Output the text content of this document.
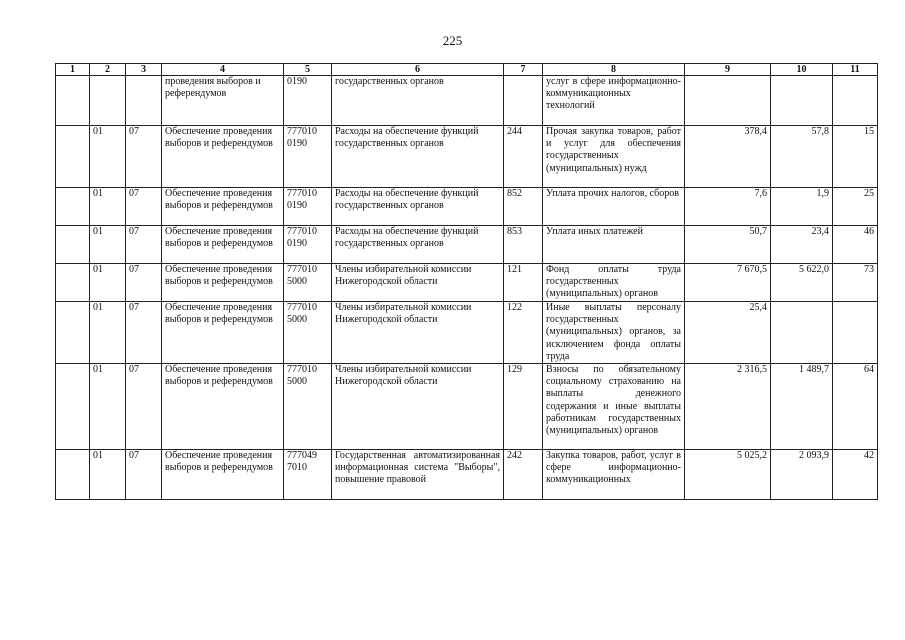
225
1	2	3	4	5	6	7	8	9	10	11
			проведения выборов и референдумов	0190	государственных органов		услуг в сфере информационно-коммуникационных технологий			
	01	07	Обеспечение проведения выборов и референдумов	777010 0190	Расходы на обеспечение функций государственных органов	244	Прочая закупка товаров, работ и услуг для обеспечения государственных (муниципальных) нужд	378,4	57,8	15
	01	07	Обеспечение проведения выборов и референдумов	777010 0190	Расходы на обеспечение функций государственных органов	852	Уплата прочих налогов, сборов	7,6	1,9	25
	01	07	Обеспечение проведения выборов и референдумов	777010 0190	Расходы на обеспечение функций государственных органов	853	Уплата иных платежей	50,7	23,4	46
	01	07	Обеспечение проведения выборов и референдумов	777010 5000	Члены избирательной комиссии Нижегородской области	121	Фонд оплаты труда государственных (муниципальных) органов	7 670,5	5 622,0	73
	01	07	Обеспечение проведения выборов и референдумов	777010 5000	Члены избирательной комиссии Нижегородской области	122	Иные выплаты персоналу государственных (муниципальных) органов, за исключением фонда оплаты труда	25,4		
	01	07	Обеспечение проведения выборов и референдумов	777010 5000	Члены избирательной комиссии Нижегородской области	129	Взносы по обязательному социальному страхованию на выплаты денежного содержания и иные выплаты работникам государственных (муниципальных) органов	2 316,5	1 489,7	64
	01	07	Обеспечение проведения выборов и референдумов	777049 7010	Государственная автоматизированная информационная система "Выборы", повышение правовой	242	Закупка товаров, работ, услуг в сфере информационно-коммуникационных	5 025,2	2 093,9	42
